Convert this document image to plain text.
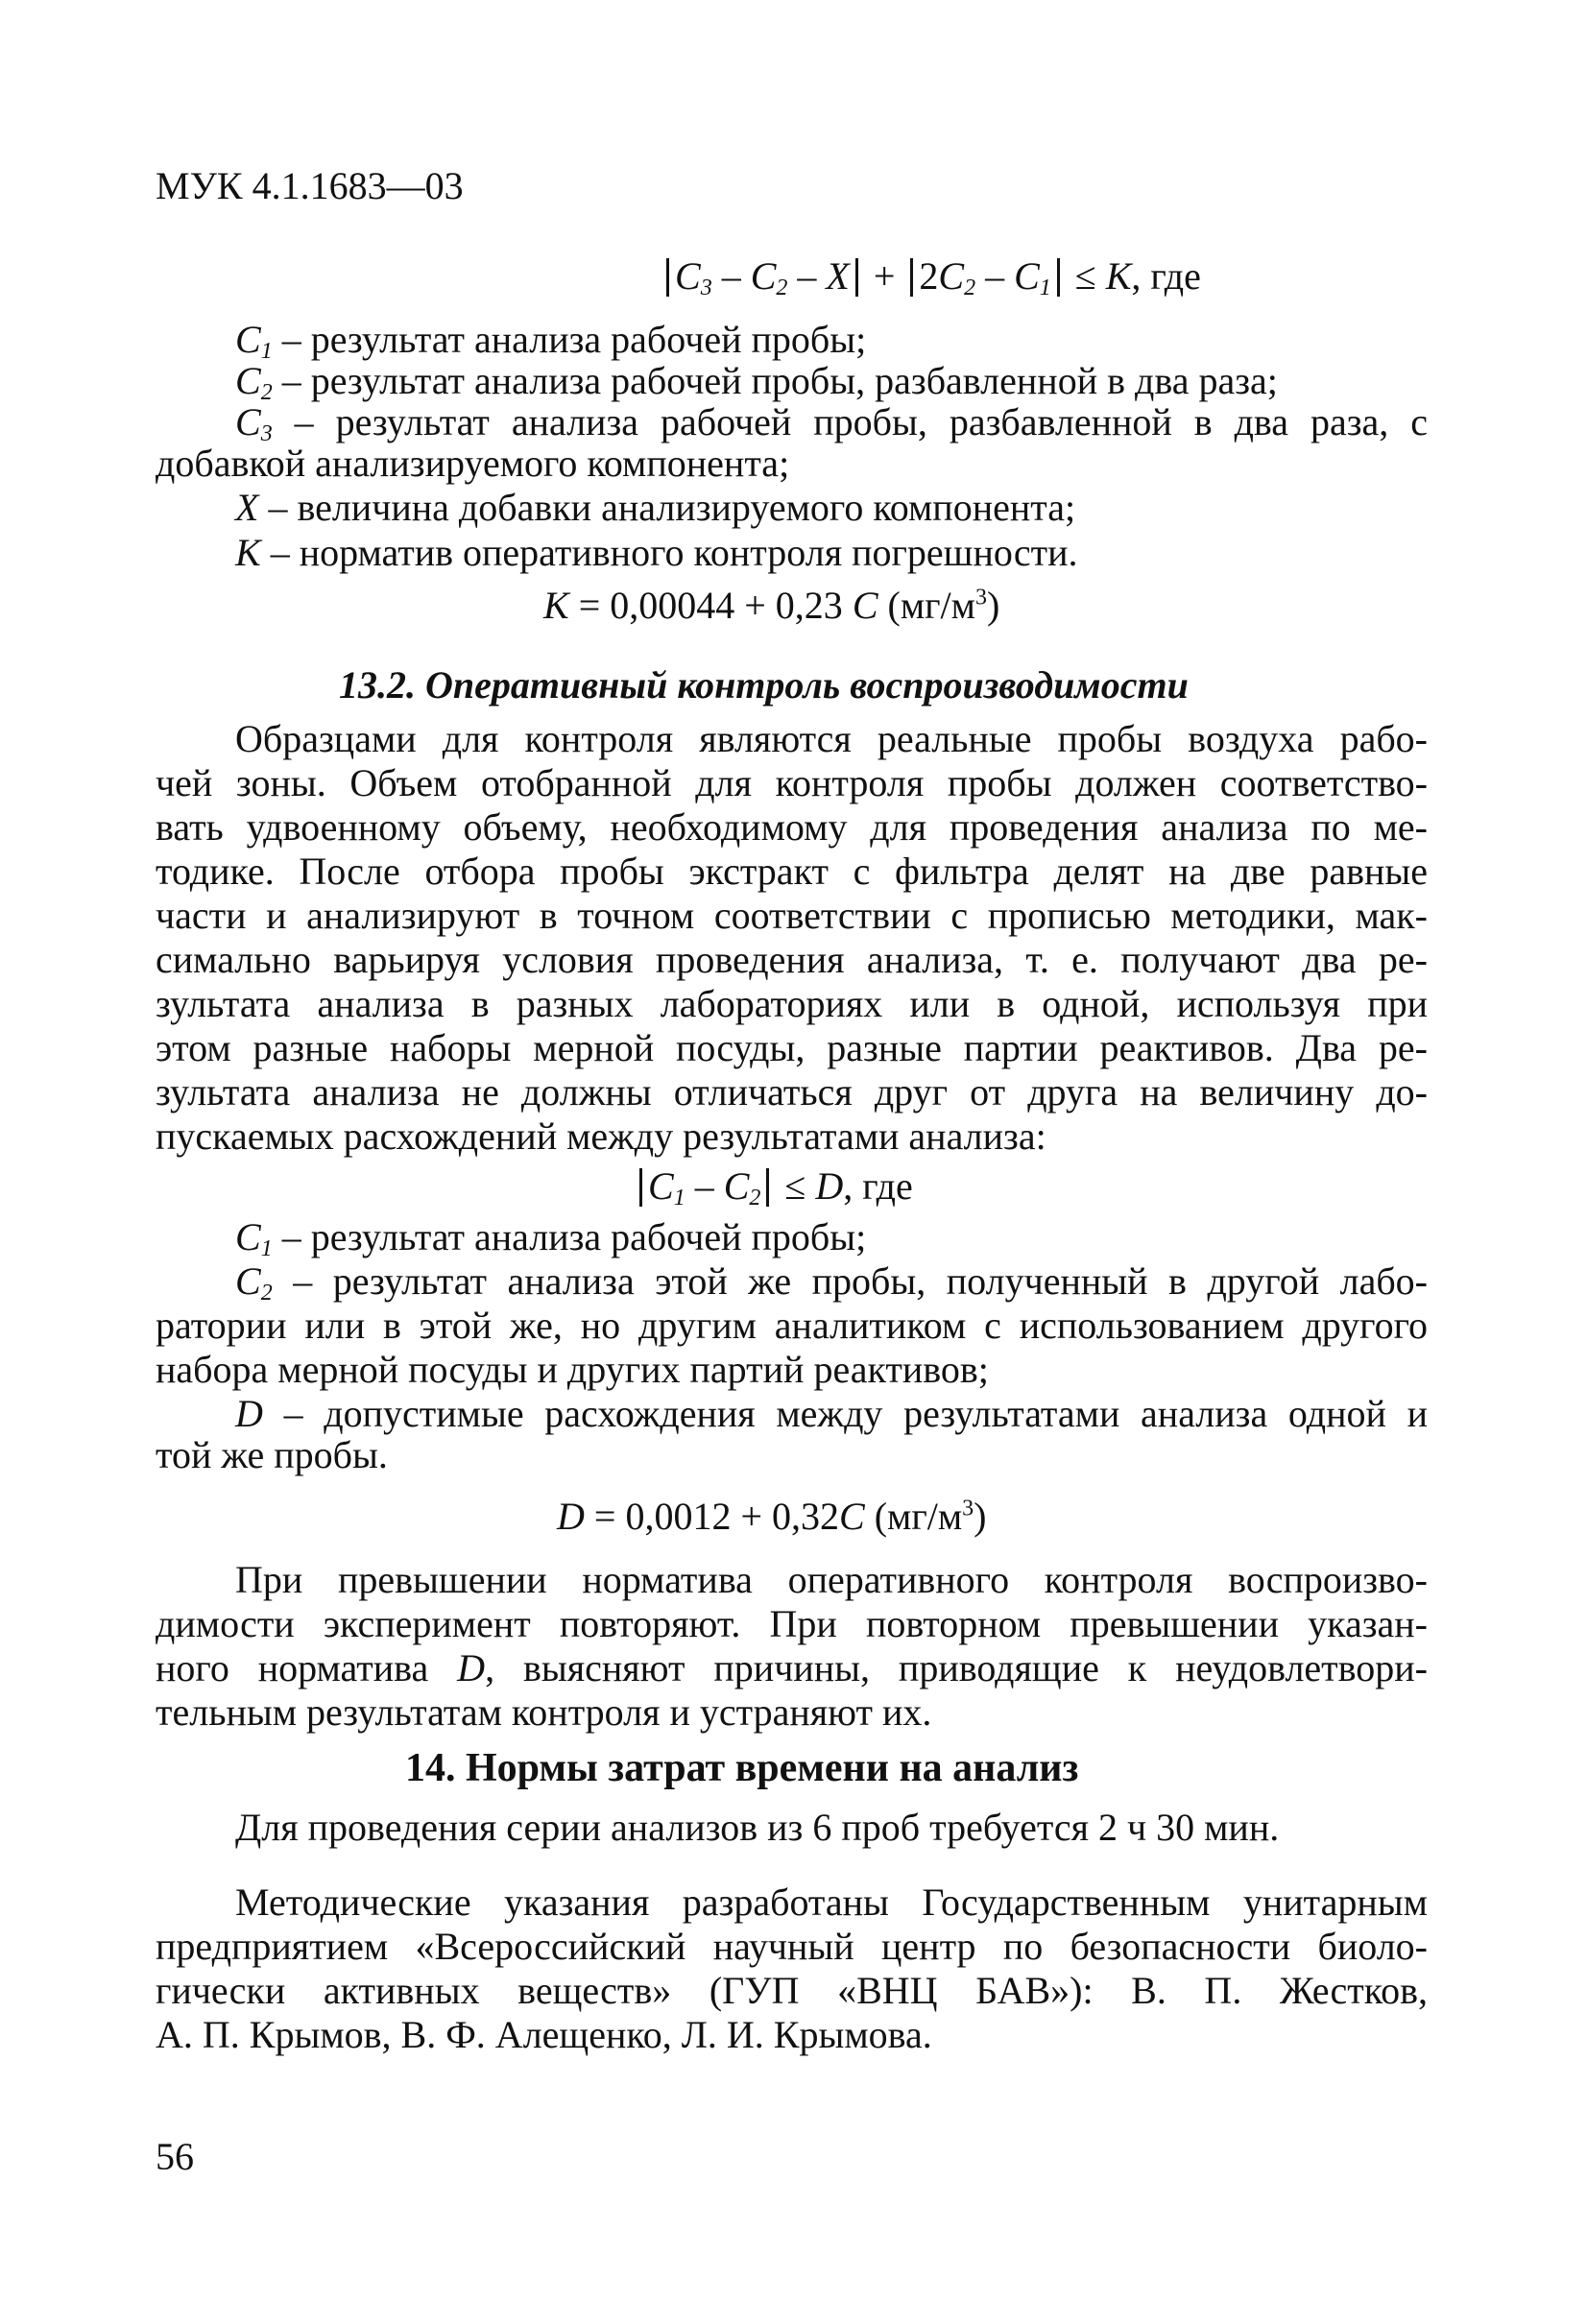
МУК 4.1.1683—03
$C_3 - C_2 - X + 2C_2 - C_1 \le K$, где
$C_1$ – результат анализа рабочей пробы;
$C_2$ – результат анализа рабочей пробы, разбавленной в два раза;
$C_3$ – результат анализа рабочей пробы, разбавленной в два раза, с
добавкой анализируемого компонента;
X – величина добавки анализируемого компонента;
K – норматив оперативного контроля погрешности.
K = 0,00044 + 0,23 C $(мг/м^3)$
13.2. Оперативный контроль воспроизводимости
Образцами для контроля являются реальные пробы воздуха рабо-
чей зоны. Объем отобранной для контроля пробы должен соответство-
вать удвоенному объему, необходимому для проведения анализа по ме-
тодике. После отбора пробы экстракт с фильтра делят на две равные
части и анализируют в точном соответствии с прописью методики, мак-
симально варьируя условия проведения анализа, т. е. получают два ре-
зультата анализа в разных лабораториях или в одной, используя при
этом разные наборы мерной посуды, разные партии реактивов. Два ре-
зультата анализа не должны отличаться друг от друга на величину до-
пускаемых расхождений между результатами анализа:
$C_1 - C_2 \le D$, где
$C_1$ – результат анализа рабочей пробы;
$C_2$ – результат анализа этой же пробы, полученный в другой лабо-
ратории или в этой же, но другим аналитиком с использованием другого
набора мерной посуды и других партий реактивов;
D – допустимые расхождения между результатами анализа одной и
той же пробы.
D = 0,0012 + 0,32C $(мг/м^3)$
При превышении норматива оперативного контроля воспроизво-
димости эксперимент повторяют. При повторном превышении указан-
ного норматива D, выясняют причины, приводящие к неудовлетвори-
тельным результатам контроля и устраняют их.
14. Нормы затрат времени на анализ
Для проведения серии анализов из 6 проб требуется 2 ч 30 мин.
Методические указания разработаны Государственным унитарным
предприятием «Всероссийский научный центр по безопасности биоло-
гически активных веществ» (ГУП «ВНЦ БАВ»): В. П. Жестков,
А. П. Крымов, В. Ф. Алещенко, Л. И. Крымова.
56
